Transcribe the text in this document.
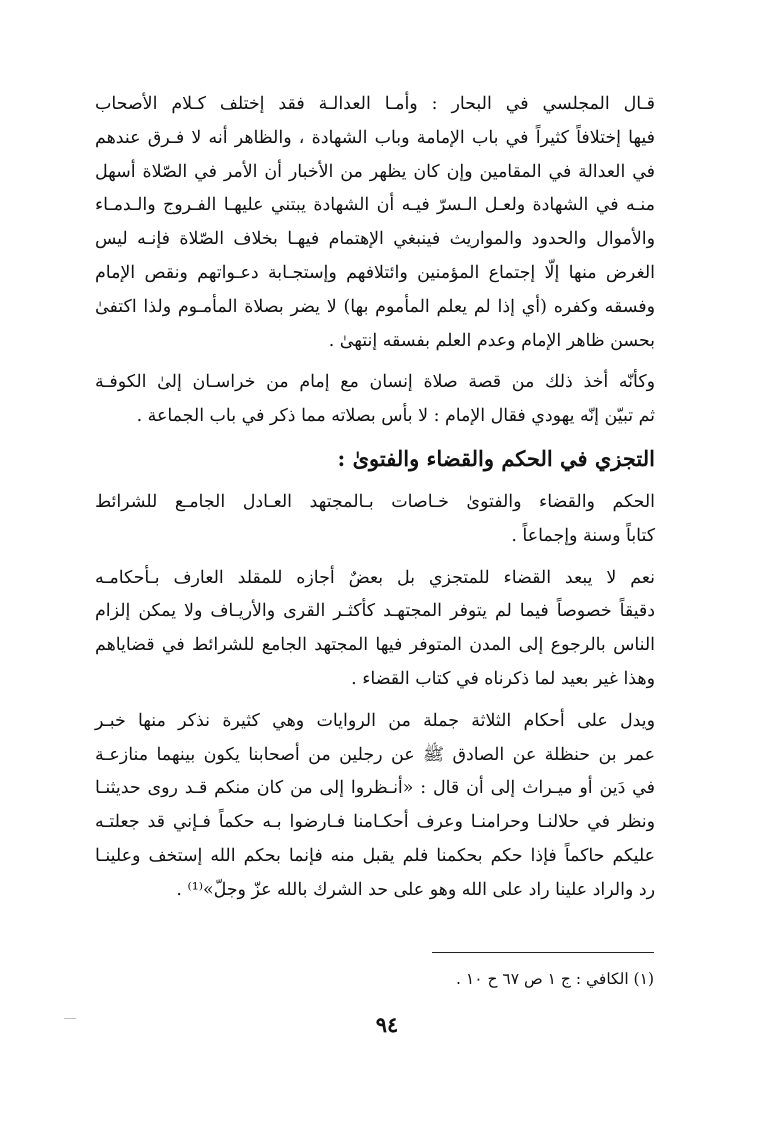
قـال المجلسي في البحار : وأمـا العدالـة فقد إختلف كـلام الأصحاب
فيها إختلافاً كثيراً في باب الإمامة وباب الشهادة ، والظاهر أنه لا فـرق عندهم
في العدالة في المقامين وإن كان يظهر من الأخبار أن الأمر في الصّلاة أسهل
منـه في الشهادة ولعـل الـسرّ فيـه أن الشهادة يبتني عليهـا الفـروج والـدمـاء
والأموال والحدود والمواريث فينبغي الإهتمام فيهـا بخلاف الصّلاة فإنـه ليس
الغرض منها إلّا إجتماع المؤمنين وائتلافهم وإستجـابة دعـواتهم ونقص الإمام
وفسقه وكفره (أي إذا لم يعلم المأموم بها) لا يضر بصلاة المأمـوم ولذا اكتفىٰ
بحسن ظاهر الإمام وعدم العلم بفسقه إنتهىٰ .

وكأنّه أخذ ذلك من قصة صلاة إنسان مع إمام من خراسـان إلىٰ الكوفـة
ثم تبيّن إنّه يهودي فقال الإمام : لا بأس بصلاته مما ذكر في باب الجماعة .

التجزي في الحكم والقضاء والفتوىٰ :

الحكم والقضاء والفتوىٰ خـاصات بـالمجتهد العـادل الجامـع للشرائط
كتاباً وسنة وإجماعاً .

نعم لا يبعد القضاء للمتجزي بل بعضٌ أجازه للمقلد العارف بـأحكامـه
دقيقاً خصوصاً فيما لم يتوفر المجتهـد كأكثـر القرى والأريـاف ولا يمكن إلزام
الناس بالرجوع إلى المدن المتوفر فيها المجتهد الجامع للشرائط في قضاياهم
وهذا غير بعيد لما ذكرناه في كتاب القضاء .

ويدل على أحكام الثلاثة جملة من الروايات وهي كثيرة نذكر منها خبـر
عمر بن حنظلة عن الصادق ﷺ عن رجلين من أصحابنا يكون بينهما منازعـة
في دَين أو ميـراث إلى أن قال : «أنـظروا إلى من كان منكم قـد روى حديثنـا
ونظر في حلالنـا وحرامنـا وعرف أحكـامنا فـارضوا بـه حكماً فـإني قد جعلتـه
عليكم حاكماً فإذا حكم بحكمنا فلم يقبل منه فإنما بحكم الله إستخف وعلينـا
رد والراد علينا راد على الله وهو على حد الشرك بالله عزّ وجلّ»⁽¹⁾ .

(١) الكافي : ج ١ ص ٦٧ ح ١٠ .
٩٤
